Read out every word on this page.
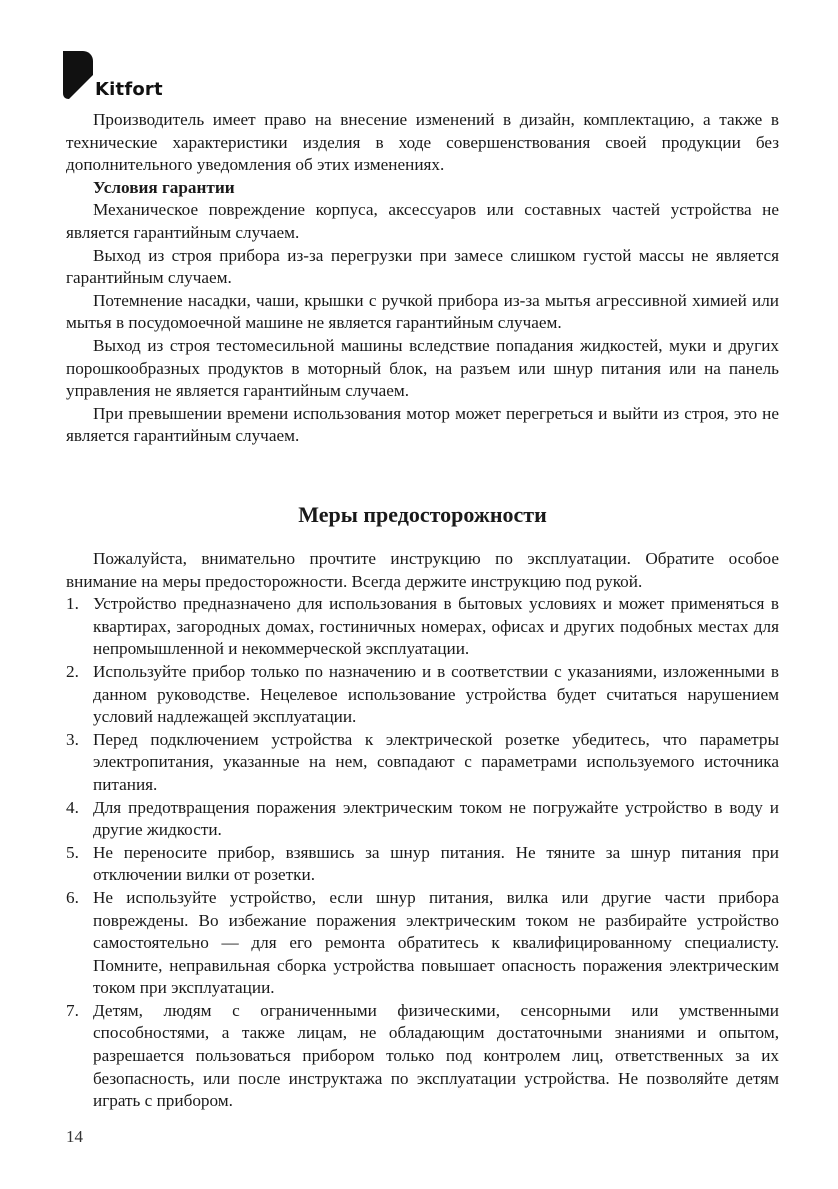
Kitfort

Производитель имеет право на внесение изменений в дизайн, комплектацию, а также в технические характеристики изделия в ходе совершенствования своей продукции без дополнительного уведомления об этих изменениях.

Условия гарантии

Механическое повреждение корпуса, аксессуаров или составных частей устройства не является гарантийным случаем.

Выход из строя прибора из-за перегрузки при замесе слишком густой массы не является гарантийным случаем.

Потемнение насадки, чаши, крышки с ручкой прибора из-за мытья агрессивной химией или мытья в посудомоечной машине не является гарантийным случаем.

Выход из строя тестомесильной машины вследствие попадания жидкостей, муки и других порошкообразных продуктов в моторный блок, на разъем или шнур питания или на панель управления не является гарантийным случаем.

При превышении времени использования мотор может перегреться и выйти из строя, это не является гарантийным случаем.

Меры предосторожности

Пожалуйста, внимательно прочтите инструкцию по эксплуатации. Обратите особое внимание на меры предосторожности. Всегда держите инструкцию под рукой.

1. Устройство предназначено для использования в бытовых условиях и может применяться в квартирах, загородных домах, гостиничных номерах, офисах и других подобных местах для непромышленной и некоммерческой эксплуатации.
2. Используйте прибор только по назначению и в соответствии с указаниями, изложенными в данном руководстве. Нецелевое использование устройства будет считаться нарушением условий надлежащей эксплуатации.
3. Перед подключением устройства к электрической розетке убедитесь, что параметры электропитания, указанные на нем, совпадают с параметрами используемого источника питания.
4. Для предотвращения поражения электрическим током не погружайте устройство в воду и другие жидкости.
5. Не переносите прибор, взявшись за шнур питания. Не тяните за шнур питания при отключении вилки от розетки.
6. Не используйте устройство, если шнур питания, вилка или другие части прибора повреждены. Во избежание поражения электрическим током не разбирайте устройство самостоятельно — для его ремонта обратитесь к квалифицированному специалисту. Помните, неправильная сборка устройства повышает опасность поражения электрическим током при эксплуатации.
7. Детям, людям с ограниченными физическими, сенсорными или умственными способностями, а также лицам, не обладающим достаточными знаниями и опытом, разрешается пользоваться прибором только под контролем лиц, ответственных за их безопасность, или после инструктажа по эксплуатации устройства. Не позволяйте детям играть с прибором.
14
